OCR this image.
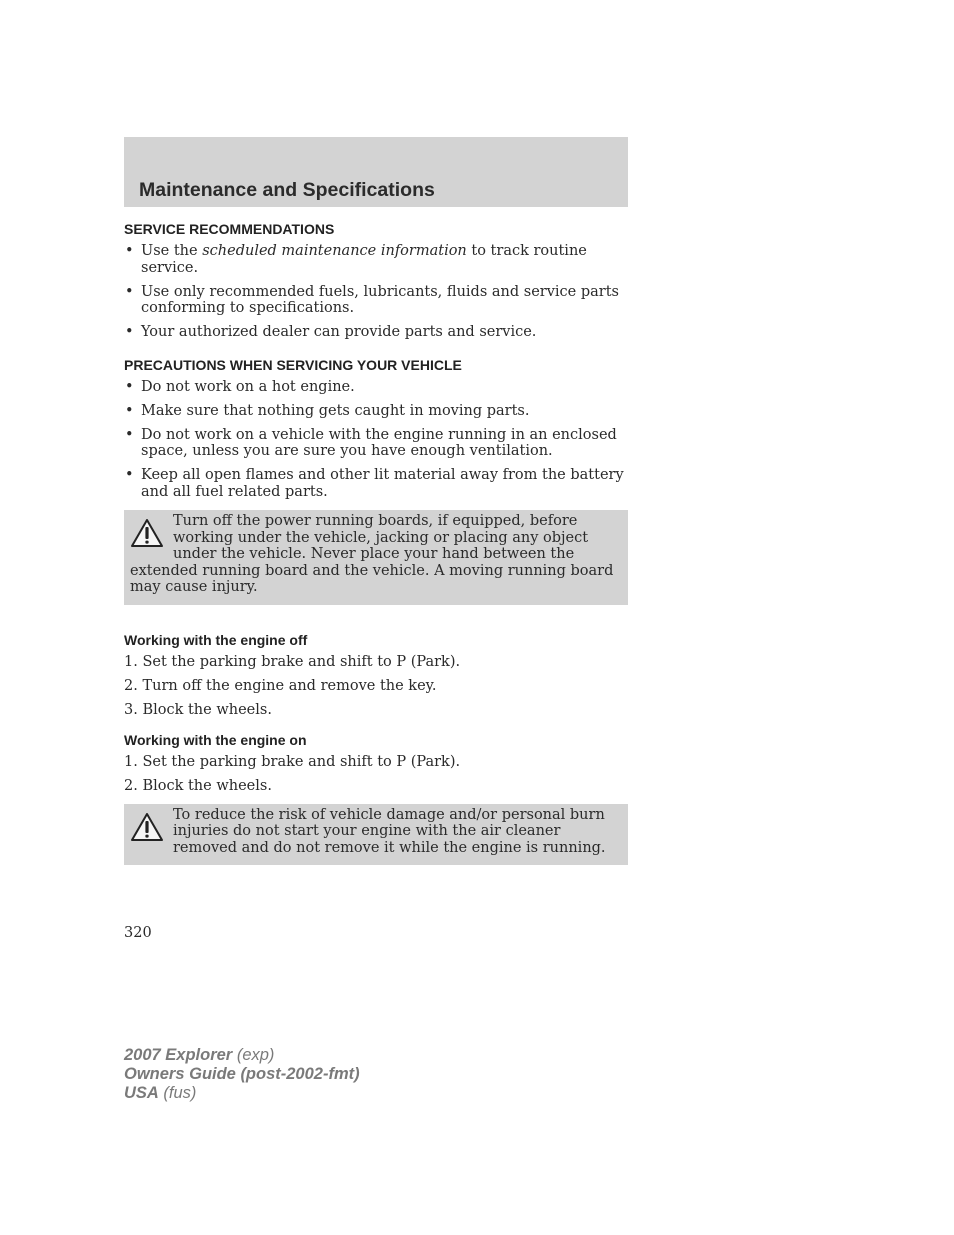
Maintenance and Specifications
SERVICE RECOMMENDATIONS
• Use the scheduled maintenance information to track routine service.
• Use only recommended fuels, lubricants, fluids and service parts conforming to specifications.
• Your authorized dealer can provide parts and service.
PRECAUTIONS WHEN SERVICING YOUR VEHICLE
• Do not work on a hot engine.
• Make sure that nothing gets caught in moving parts.
• Do not work on a vehicle with the engine running in an enclosed space, unless you are sure you have enough ventilation.
• Keep all open flames and other lit material away from the battery and all fuel related parts.
Turn off the power running boards, if equipped, before working under the vehicle, jacking or placing any object under the vehicle. Never place your hand between the extended running board and the vehicle. A moving running board may cause injury.
Working with the engine off
1. Set the parking brake and shift to P (Park).
2. Turn off the engine and remove the key.
3. Block the wheels.
Working with the engine on
1. Set the parking brake and shift to P (Park).
2. Block the wheels.
To reduce the risk of vehicle damage and/or personal burn injuries do not start your engine with the air cleaner removed and do not remove it while the engine is running.
320
2007 Explorer (exp)
Owners Guide (post-2002-fmt)
USA (fus)
